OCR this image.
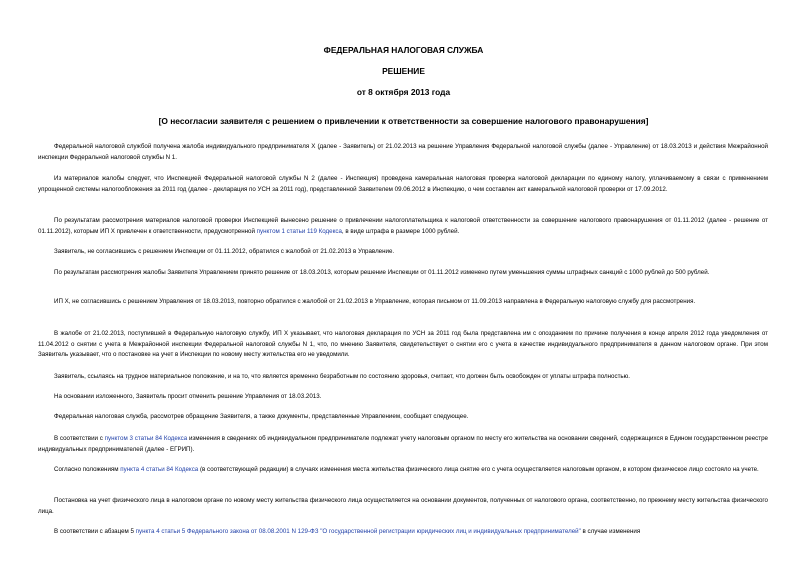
ФЕДЕРАЛЬНАЯ НАЛОГОВАЯ СЛУЖБА
РЕШЕНИЕ
от 8 октября 2013 года
[О несогласии заявителя с решением о привлечении к ответственности за совершение налогового правонарушения]

Федеральной налоговой службой получена жалоба индивидуального предпринимателя Х (далее - Заявитель) от 21.02.2013 на решение Управления Федеральной налоговой службы (далее - Управление) от 18.03.2013 и действия Межрайонной инспекции Федеральной налоговой службы N 1.

Из материалов жалобы следует, что Инспекцией Федеральной налоговой службы N 2 (далее - Инспекция) проведена камеральная налоговая проверка налоговой декларации по единому налогу, уплачиваемому в связи с применением упрощенной системы налогообложения за 2011 год (далее - декларация по УСН за 2011 год), представленной Заявителем 09.06.2012 в Инспекцию, о чем составлен акт камеральной налоговой проверки от 17.09.2012.

По результатам рассмотрения материалов налоговой проверки Инспекцией вынесено решение о привлечении налогоплательщика к налоговой ответственности за совершение налогового правонарушения от 01.11.2012 (далее - решение от 01.11.2012), которым ИП Х привлечен к ответственности, предусмотренной пунктом 1 статьи 119 Кодекса, в виде штрафа в размере 1000 рублей.

Заявитель, не согласившись с решением Инспекции от 01.11.2012, обратился с жалобой от 21.02.2013 в Управление.

По результатам рассмотрения жалобы Заявителя Управлением принято решение от 18.03.2013, которым решение Инспекции от 01.11.2012 изменено путем уменьшения суммы штрафных санкций с 1000 рублей до 500 рублей.

ИП Х, не согласившись с решением Управления от 18.03.2013, повторно обратился с жалобой от 21.02.2013 в Управление, которая письмом от 11.09.2013 направлена в Федеральную налоговую службу для рассмотрения.

В жалобе от 21.02.2013, поступившей в Федеральную налоговую службу, ИП Х указывает, что налоговая декларация по УСН за 2011 год была представлена им с опозданием по причине получения в конце апреля 2012 года уведомления от 11.04.2012 о снятии с учета в Межрайонной инспекции Федеральной налоговой службы N 1, что, по мнению Заявителя, свидетельствует о снятии его с учета в качестве индивидуального предпринимателя в данном налоговом органе. При этом Заявитель указывает, что о постановке на учет в Инспекции по новому месту жительства его не уведомили.

Заявитель, ссылаясь на трудное материальное положение, и на то, что является временно безработным по состоянию здоровья, считает, что должен быть освобожден от уплаты штрафа полностью.

На основании изложенного, Заявитель просит отменить решение Управления от 18.03.2013.

Федеральная налоговая служба, рассмотрев обращение Заявителя, а также документы, представленные Управлением, сообщает следующее.

В соответствии с пунктом 3 статьи 84 Кодекса изменения в сведениях об индивидуальном предпринимателе подлежат учету налоговым органом по месту его жительства на основании сведений, содержащихся в Едином государственном реестре индивидуальных предпринимателей (далее - ЕГРИП).

Согласно положениям пункта 4 статьи 84 Кодекса (в соответствующей редакции) в случаях изменения места жительства физического лица снятие его с учета осуществляется налоговым органом, в котором физическое лицо состояло на учете.

Постановка на учет физического лица в налоговом органе по новому месту жительства физического лица осуществляется на основании документов, полученных от налогового органа, соответственно, по прежнему месту жительства физического лица.

В соответствии с абзацем 5 пункта 4 статьи 5 Федерального закона от 08.08.2001 N 129-ФЗ "О государственной регистрации юридических лиц и индивидуальных предпринимателей" в случае изменения
